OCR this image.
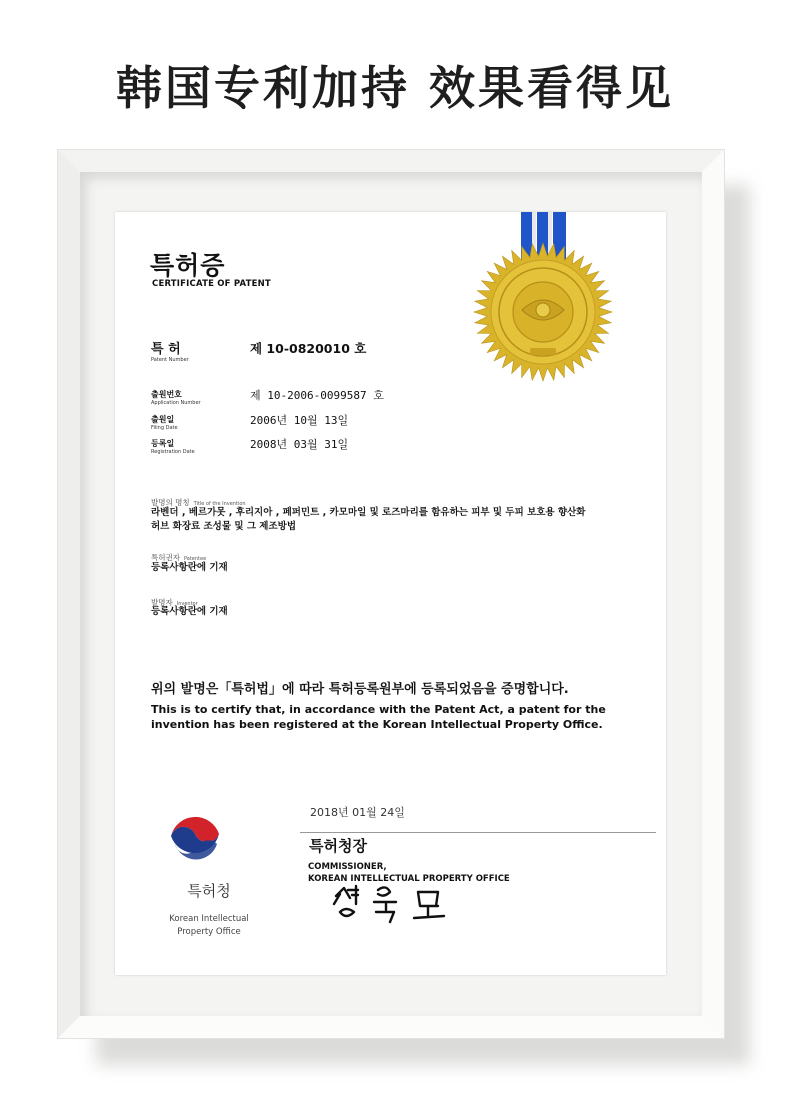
韩国专利加持 效果看得见
특허증
CERTIFICATE OF PATENT
특 허
Patent Number
제 10-0820010 호
출원번호
Application Number
제 10-2006-0099587 호
출원일
Filing Date
2006년 10월 13일
등록일
Registration Date
2008년 03월 31일
발명의 명칭 Title of the Invention
라벤더 , 베르가못 , 후리지아 , 페퍼민트 , 카모마일 및 로즈마리를 함유하는 피부 및 두피 보호용 향산화
허브 화장료 조성물 및 그 제조방법
특허권자 Patentee
등록사항란에 기재
발명자 Inventor
등록사항란에 기재
위의 발명은「특허법」에 따라 특허등록원부에 등록되었음을 증명합니다.
This is to certify that, in accordance with the Patent Act, a patent for the invention has been registered at the Korean Intellectual Property Office.
2018년 01월 24일
특허청장
COMMISSIONER,
KOREAN INTELLECTUAL PROPERTY OFFICE
특허청
Korean Intellectual
Property Office
